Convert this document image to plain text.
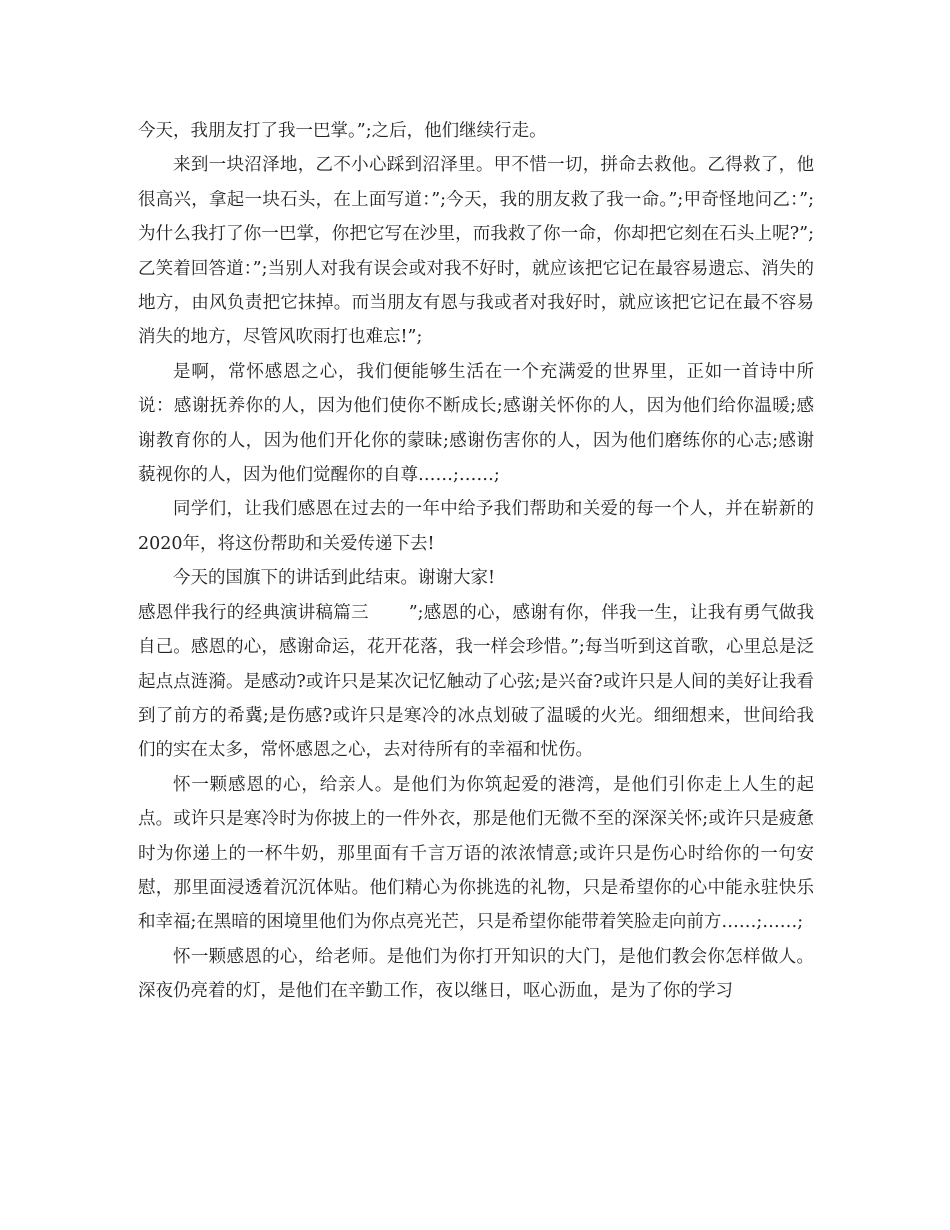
今天，我朋友打了我一巴掌。”;之后，他们继续行走。

来到一块沼泽地，乙不小心踩到沼泽里。甲不惜一切，拼命去救他。乙得救了，他很高兴，拿起一块石头，在上面写道：”;今天，我的朋友救了我一命。”;甲奇怪地问乙：”;为什么我打了你一巴掌，你把它写在沙里，而我救了你一命，你却把它刻在石头上呢?”;乙笑着回答道：”;当别人对我有误会或对我不好时，就应该把它记在最容易遗忘、消失的地方，由风负责把它抹掉。而当朋友有恩与我或者对我好时，就应该把它记在最不容易消失的地方，尽管风吹雨打也难忘!”;

是啊，常怀感恩之心，我们便能够生活在一个充满爱的世界里，正如一首诗中所说：感谢抚养你的人，因为他们使你不断成长;感谢关怀你的人，因为他们给你温暖;感谢教育你的人，因为他们开化你的蒙昧;感谢伤害你的人，因为他们磨练你的心志;感谢藐视你的人，因为他们觉醒你的自尊……;……;

同学们，让我们感恩在过去的一年中给予我们帮助和关爱的每一个人，并在崭新的2020年，将这份帮助和关爱传递下去!

今天的国旗下的讲话到此结束。谢谢大家!

感恩伴我行的经典演讲稿篇三 ”;感恩的心，感谢有你，伴我一生，让我有勇气做我自己。感恩的心，感谢命运，花开花落，我一样会珍惜。”;每当听到这首歌，心里总是泛起点点涟漪。是感动?或许只是某次记忆触动了心弦;是兴奋?或许只是人间的美好让我看到了前方的希冀;是伤感?或许只是寒冷的冰点划破了温暖的火光。细细想来，世间给我们的实在太多，常怀感恩之心，去对待所有的幸福和忧伤。

怀一颗感恩的心，给亲人。是他们为你筑起爱的港湾，是他们引你走上人生的起点。或许只是寒冷时为你披上的一件外衣，那是他们无微不至的深深关怀;或许只是疲惫时为你递上的一杯牛奶，那里面有千言万语的浓浓情意;或许只是伤心时给你的一句安慰，那里面浸透着沉沉体贴。他们精心为你挑选的礼物，只是希望你的心中能永驻快乐和幸福;在黑暗的困境里他们为你点亮光芒，只是希望你能带着笑脸走向前方……;……;

怀一颗感恩的心，给老师。是他们为你打开知识的大门，是他们教会你怎样做人。深夜仍亮着的灯，是他们在辛勤工作，夜以继日，呕心沥血，是为了你的学习
